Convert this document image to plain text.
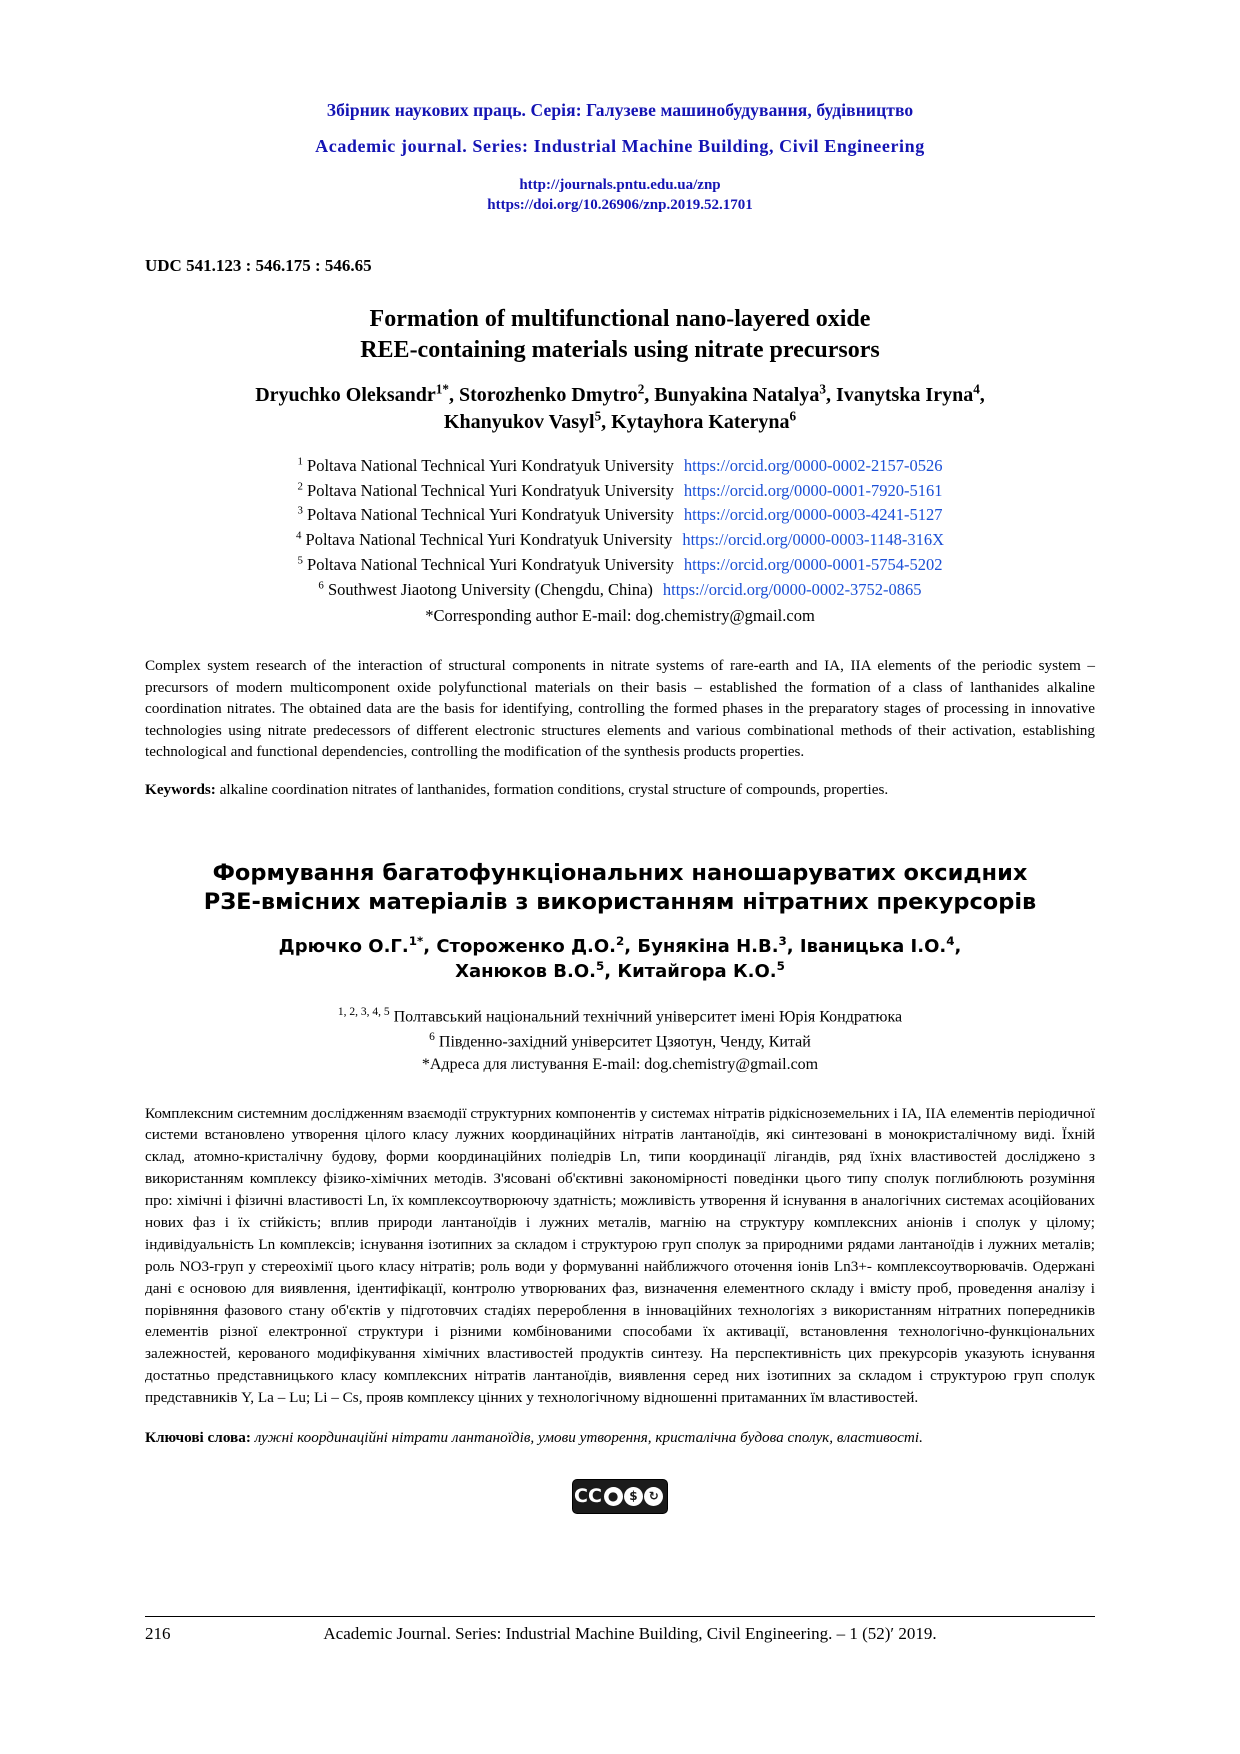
Збірник наукових праць. Серія: Галузеве машинобудування, будівництво
Academic journal. Series: Industrial Machine Building, Civil Engineering
http://journals.pntu.edu.ua/znp
https://doi.org/10.26906/znp.2019.52.1701
UDC 541.123 : 546.175 : 546.65
Formation of multifunctional nano-layered oxide
REE-containing materials using nitrate precursors
Dryuchko Oleksandr$^{1*}$, Storozhenko Dmytro$^2$, Bunyakina Natalya$^3$, Ivanytska Iryna$^4$,
Khanyukov Vasyl$^5$, Kytayhora Kateryna$^6$
$^1$ Poltava National Technical Yuri Kondratyuk University https://orcid.org/0000-0002-2157-0526
$^2$ Poltava National Technical Yuri Kondratyuk University https://orcid.org/0000-0001-7920-5161
$^3$ Poltava National Technical Yuri Kondratyuk University https://orcid.org/0000-0003-4241-5127
$^4$ Poltava National Technical Yuri Kondratyuk University https://orcid.org/0000-0003-1148-316X
$^5$ Poltava National Technical Yuri Kondratyuk University https://orcid.org/0000-0001-5754-5202
$^6$ Southwest Jiaotong University (Chengdu, China) https://orcid.org/0000-0002-3752-0865
*Corresponding author E-mail: dog.chemistry@gmail.com
Complex system research of the interaction of structural components in nitrate systems of rare-earth and IA, IIA elements of the periodic system – precursors of modern multicomponent oxide polyfunctional materials on their basis – established the formation of a class of lanthanides alkaline coordination nitrates. The obtained data are the basis for identifying, controlling the formed phases in the preparatory stages of processing in innovative technologies using nitrate predecessors of different electronic structures elements and various combinational methods of their activation, establishing technological and functional dependencies, controlling the modification of the synthesis products properties.
Keywords: alkaline coordination nitrates of lanthanides, formation conditions, crystal structure of compounds, properties.
Формування багатофункціональних наношаруватих оксидних
РЗЕ-вмісних матеріалів з використанням нітратних прекурсорів
Дрючко О.Г.$^{1*}$, Стороженко Д.О.$^2$, Бунякіна Н.В.$^3$, Іваницька І.О.$^4$,
Ханюков В.О.$^5$, Китайгора К.О.$^5$
$^{1, 2, 3, 4, 5}$ Полтавський національний технічний університет імені Юрія Кондратюка
$^6$ Південно-західний університет Цзяотун, Ченду, Китай
*Адреса для листування E-mail: dog.chemistry@gmail.com
Комплексним системним дослідженням взаємодії структурних компонентів у системах нітратів рідкісноземельних і ІА, ІІА елементів періодичної системи встановлено утворення цілого класу лужних координаційних нітратів лантаноїдів, які синтезовані в монокристалічному виді. Їхній склад, атомно-кристалічну будову, форми координаційних поліедрів Ln, типи координації лігандів, ряд їхніх властивостей досліджено з використанням комплексу фізико-хімічних методів. З'ясовані об'єктивні закономірності поведінки цього типу сполук поглиблюють розуміння про: хімічні і фізичні властивості Ln, їх комплексоутворюючу здатність; можливість утворення й існування в аналогічних системах асоційованих нових фаз і їх стійкість; вплив природи лантаноїдів і лужних металів, магнію на структуру комплексних аніонів і сполук у цілому; індивідуальність Ln комплексів; існування ізотипних за складом і структурою груп сполук за природними рядами лантаноїдів і лужних металів; роль NO3-груп у стереохімії цього класу нітратів; роль води у формуванні найближчого оточення іонів Ln3+- комплексоутворювачів. Одержані дані є основою для виявлення, ідентифікації, контролю утворюваних фаз, визначення елементного складу і вмісту проб, проведення аналізу і порівняння фазового стану об'єктів у підготовчих стадіях перероблення в інноваційних технологіях з використанням нітратних попередників елементів різної електронної структури і різними комбінованими способами їх активації, встановлення технологічно-функціональних залежностей, керованого модифікування хімічних властивостей продуктів синтезу. На перспективність цих прекурсорів указують існування достатньо представницького класу комплексних нітратів лантаноїдів, виявлення серед них ізотипних за складом і структурою груп сполук представників Y, La – Lu; Li – Cs, прояв комплексу цінних у технологічному відношенні притаманних їм властивостей.
Ключові слова: лужні координаційні нітрати лантаноїдів, умови утворення, кристалічна будова сполук, властивості.
CC ● $ ↻
216	Academic Journal. Series: Industrial Machine Building, Civil Engineering. – 1 (52)′ 2019.
